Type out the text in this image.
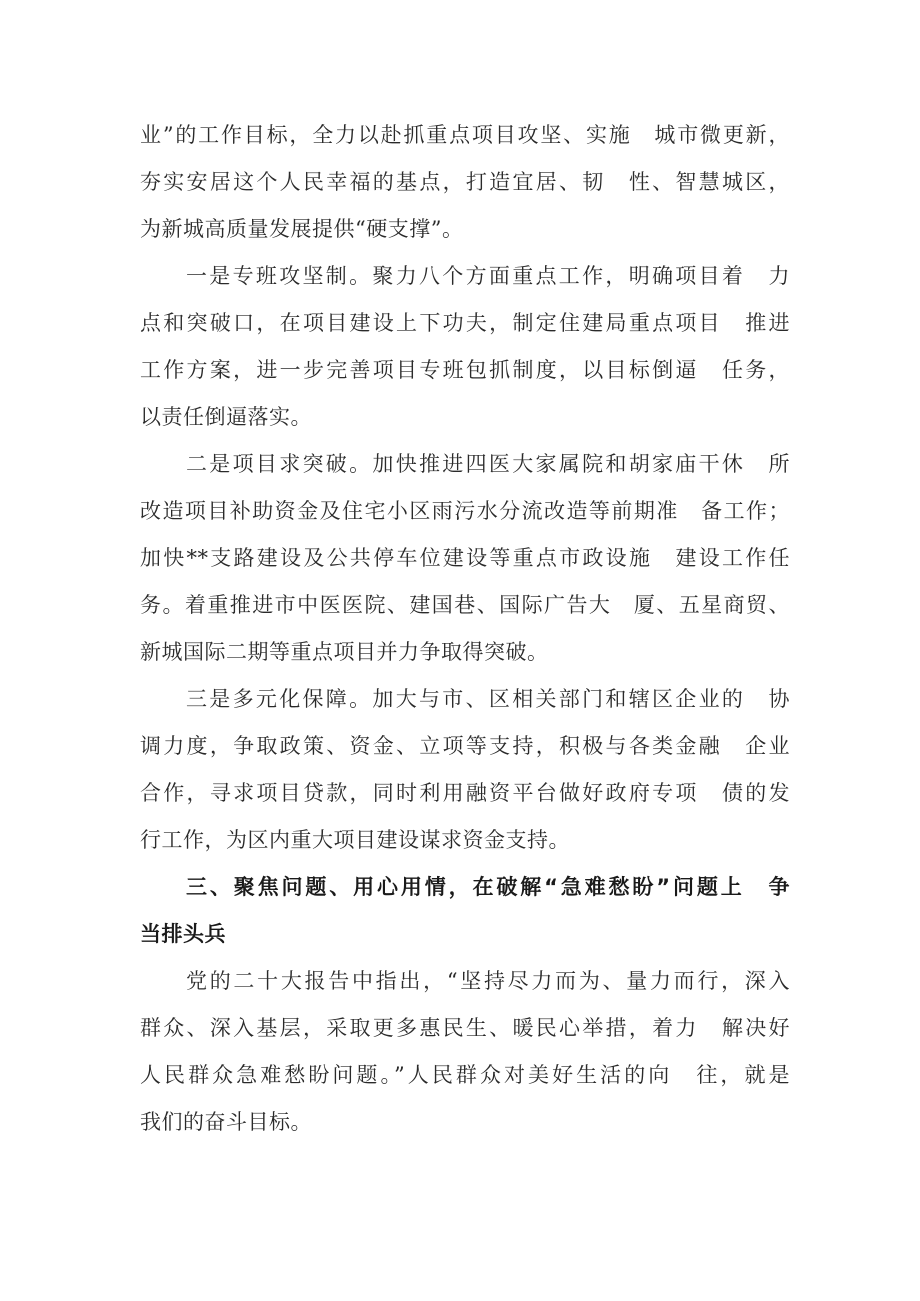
业”的工作目标，全力以赴抓重点项目攻坚、实施　城市微更新，
夯实安居这个人民幸福的基点，打造宜居、韧　性、智慧城区，
为新城高质量发展提供“硬支撑”。
一是专班攻坚制。聚力八个方面重点工作，明确项目着　力
点和突破口，在项目建设上下功夫，制定住建局重点项目　推进
工作方案，进一步完善项目专班包抓制度，以目标倒逼　任务，
以责任倒逼落实。
二是项目求突破。加快推进四医大家属院和胡家庙干休　所
改造项目补助资金及住宅小区雨污水分流改造等前期准　备工作；
加快**支路建设及公共停车位建设等重点市政设施　建设工作任
务。着重推进市中医医院、建国巷、国际广告大　厦、五星商贸、
新城国际二期等重点项目并力争取得突破。
三是多元化保障。加大与市、区相关部门和辖区企业的　协
调力度，争取政策、资金、立项等支持，积极与各类金融　企业
合作，寻求项目贷款，同时利用融资平台做好政府专项　债的发
行工作，为区内重大项目建设谋求资金支持。
三、聚焦问题、用心用情，在破解“急难愁盼”问题上　争
当排头兵
党的二十大报告中指出，“坚持尽力而为、量力而行，深入
群众、深入基层，采取更多惠民生、暖民心举措，着力　解决好
人民群众急难愁盼问题。”人民群众对美好生活的向　往，就是
我们的奋斗目标。
